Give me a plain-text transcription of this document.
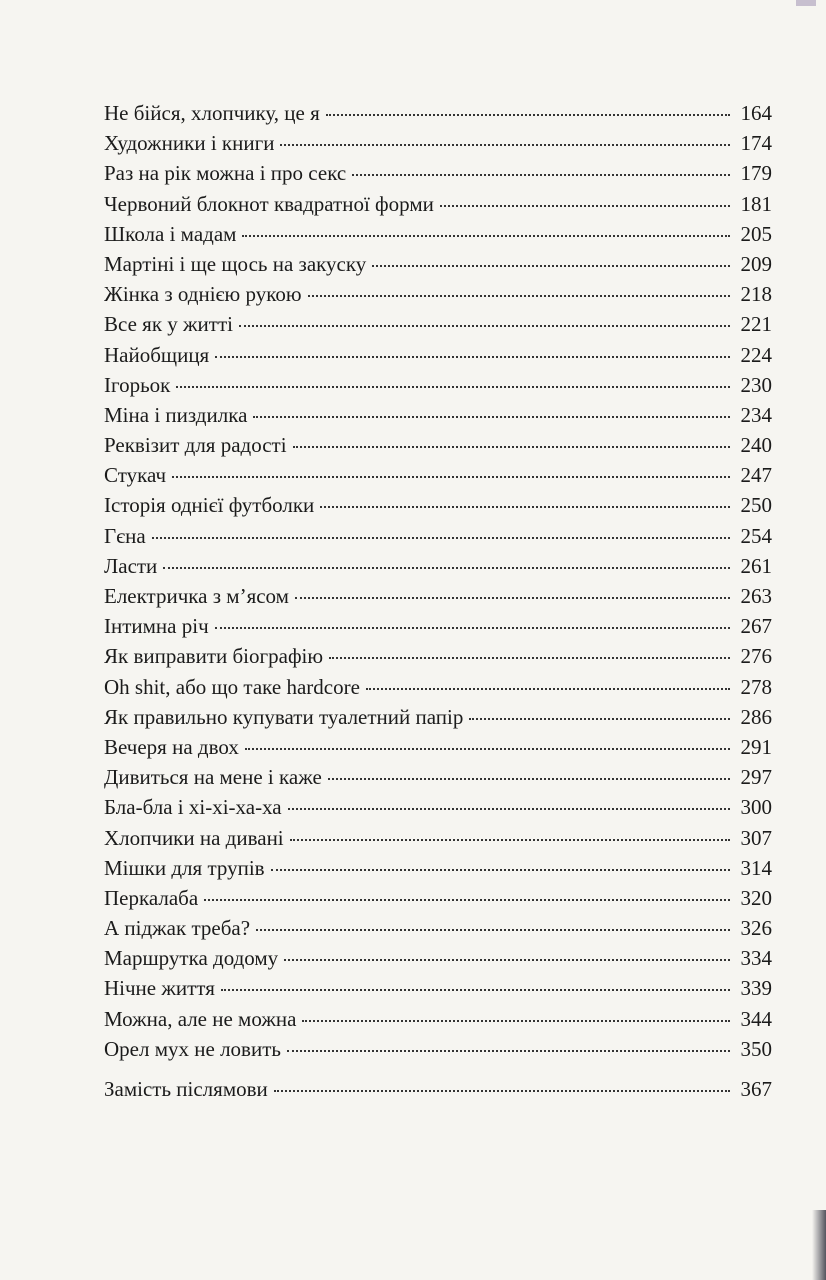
Не бійся, хлопчику, це я	164
Художники і книги	174
Раз на рік можна і про секс	179
Червоний блокнот квадратної форми	181
Школа і мадам	205
Мартіні і ще щось на закуску	209
Жінка з однією рукою	218
Все як у житті	221
Найобщиця	224
Ігорьок	230
Міна і пиздилка	234
Реквізит для радості	240
Стукач	247
Історія однієї футболки	250
Гєна	254
Ласти	261
Електричка з м’ясом	263
Інтимна річ	267
Як виправити біографію	276
Oh shit, або що таке hardcore	278
Як правильно купувати туалетний папір	286
Вечеря на двох	291
Дивиться на мене і каже	297
Бла-бла і хі-хі-ха-ха	300
Хлопчики на дивані	307
Мішки для трупів	314
Перкалаба	320
А піджак треба?	326
Маршрутка додому	334
Нічне життя	339
Можна, але не можна	344
Орел мух не ловить	350
Замість післямови	367
